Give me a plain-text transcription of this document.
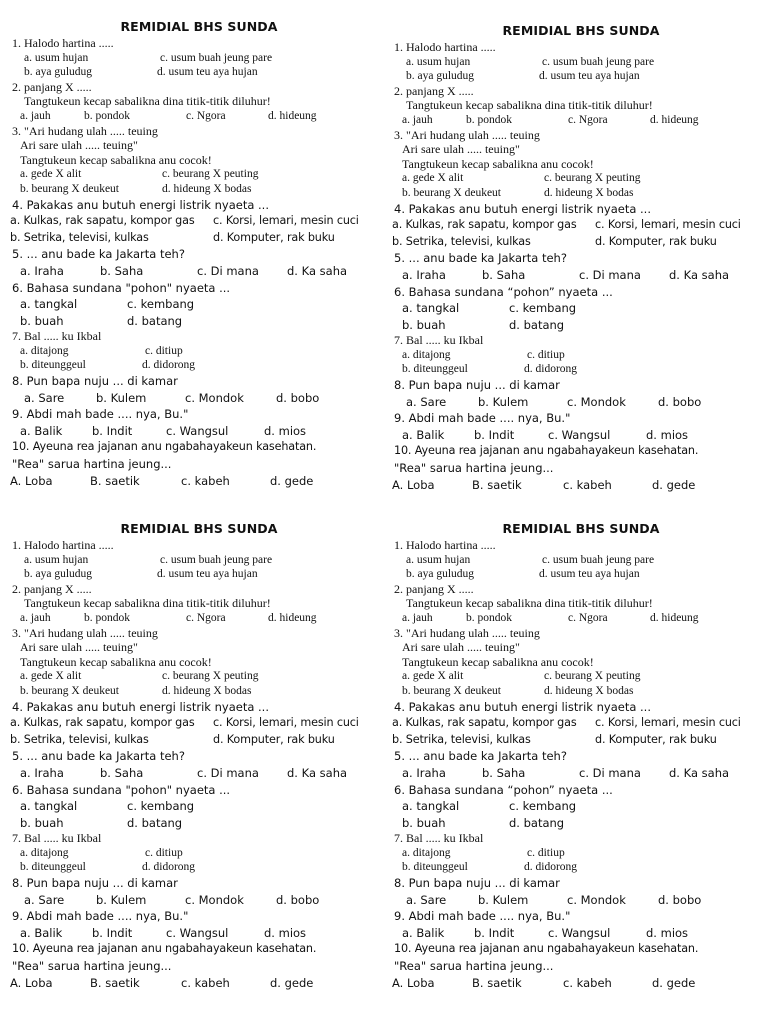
REMIDIAL BHS SUNDA
1. Halodo hartina .....
a. usum hujan	c. usum buah jeung pare
b. aya guludug	d. usum teu aya hujan
2. panjang X .....
Tangtukeun kecap sabalikna dina titik-titik diluhur!
a. jauh	b. pondok	c. Ngora	d. hideung
3. "Ari hudang ulah ..... teuing
Ari sare ulah ..... teuing"
Tangtukeun kecap sabalikna anu cocok!
a. gede X alit	c. beurang X peuting
b. beurang X deukeut	d. hideung X bodas
4. Pakakas anu butuh energi listrik nyaeta ...
a. Kulkas, rak sapatu, kompor gas c. Korsi, lemari, mesin cuci
b. Setrika, televisi, kulkas	d. Komputer, rak buku
5. ... anu bade ka Jakarta teh?
a. Iraha	b. Saha	c. Di mana d. Ka saha
6. Bahasa sundana "pohon" nyaeta ...
a. tangkal	c. kembang
b. buah	d. batang
7. Bal ..... ku Ikbal
a. ditajong	c. ditiup
b. diteunggeul	d. didorong
8. Pun bapa nuju ... di kamar
a. Sare	b. Kulem	c. Mondok	d. bobo
9. Abdi mah bade .... nya, Bu."
a. Balik	b. Indit	c. Wangsul	d. mios
10. Ayeuna rea jajanan anu ngabahayakeun kasehatan.
"Rea" sarua hartina jeung...
A. Loba	B. saetik	c. kabeh	d. gede
REMIDIAL BHS SUNDA
1. Halodo hartina .....
a. usum hujan	c. usum buah jeung pare
b. aya guludug	d. usum teu aya hujan
2. panjang X .....
Tangtukeun kecap sabalikna dina titik-titik diluhur!
a. jauh	b. pondok	c. Ngora	d. hideung
3. "Ari hudang ulah ..... teuing
Ari sare ulah ..... teuing"
Tangtukeun kecap sabalikna anu cocok!
a. gede X alit	c. beurang X peuting
b. beurang X deukeut	d. hideung X bodas
4. Pakakas anu butuh energi listrik nyaeta ...
a. Kulkas, rak sapatu, kompor gas c. Korsi, lemari, mesin cuci
b. Setrika, televisi, kulkas	d. Komputer, rak buku
5. ... anu bade ka Jakarta teh?
a. Iraha	b. Saha	c. Di mana d. Ka saha
6. Bahasa sundana “pohon” nyaeta ...
a. tangkal	c. kembang
b. buah	d. batang
7. Bal ..... ku Ikbal
a. ditajong	c. ditiup
b. diteunggeul	d. didorong
8. Pun bapa nuju ... di kamar
a. Sare	b. Kulem	c. Mondok	d. bobo
9. Abdi mah bade .... nya, Bu."
a. Balik	b. Indit	c. Wangsul	d. mios
10. Ayeuna rea jajanan anu ngabahayakeun kasehatan.
"Rea" sarua hartina jeung...
A. Loba	B. saetik	c. kabeh	d. gede
REMIDIAL BHS SUNDA
1. Halodo hartina .....
a. usum hujan	c. usum buah jeung pare
b. aya guludug	d. usum teu aya hujan
2. panjang X .....
Tangtukeun kecap sabalikna dina titik-titik diluhur!
a. jauh	b. pondok	c. Ngora	d. hideung
3. "Ari hudang ulah ..... teuing
Ari sare ulah ..... teuing"
Tangtukeun kecap sabalikna anu cocok!
a. gede X alit	c. beurang X peuting
b. beurang X deukeut	d. hideung X bodas
4. Pakakas anu butuh energi listrik nyaeta ...
a. Kulkas, rak sapatu, kompor gas c. Korsi, lemari, mesin cuci
b. Setrika, televisi, kulkas	d. Komputer, rak buku
5. ... anu bade ka Jakarta teh?
a. Iraha	b. Saha	c. Di mana d. Ka saha
6. Bahasa sundana "pohon" nyaeta ...
a. tangkal	c. kembang
b. buah	d. batang
7. Bal ..... ku Ikbal
a. ditajong	c. ditiup
b. diteunggeul	d. didorong
8. Pun bapa nuju ... di kamar
a. Sare	b. Kulem	c. Mondok	d. bobo
9. Abdi mah bade .... nya, Bu."
a. Balik	b. Indit	c. Wangsul	d. mios
10. Ayeuna rea jajanan anu ngabahayakeun kasehatan.
"Rea" sarua hartina jeung...
A. Loba	B. saetik	c. kabeh	d. gede
REMIDIAL BHS SUNDA
1. Halodo hartina .....
a. usum hujan	c. usum buah jeung pare
b. aya guludug	d. usum teu aya hujan
2. panjang X .....
Tangtukeun kecap sabalikna dina titik-titik diluhur!
a. jauh	b. pondok	c. Ngora	d. hideung
3. "Ari hudang ulah ..... teuing
Ari sare ulah ..... teuing"
Tangtukeun kecap sabalikna anu cocok!
a. gede X alit	c. beurang X peuting
b. beurang X deukeut	d. hideung X bodas
4. Pakakas anu butuh energi listrik nyaeta ...
a. Kulkas, rak sapatu, kompor gas c. Korsi, lemari, mesin cuci
b. Setrika, televisi, kulkas	d. Komputer, rak buku
5. ... anu bade ka Jakarta teh?
a. Iraha	b. Saha	c. Di mana d. Ka saha
6. Bahasa sundana “pohon” nyaeta ...
a. tangkal	c. kembang
b. buah	d. batang
7. Bal ..... ku Ikbal
a. ditajong	c. ditiup
b. diteunggeul	d. didorong
8. Pun bapa nuju ... di kamar
a. Sare	b. Kulem	c. Mondok	d. bobo
9. Abdi mah bade .... nya, Bu."
a. Balik	b. Indit	c. Wangsul	d. mios
10. Ayeuna rea jajanan anu ngabahayakeun kasehatan.
"Rea" sarua hartina jeung...
A. Loba	B. saetik	c. kabeh	d. gede
